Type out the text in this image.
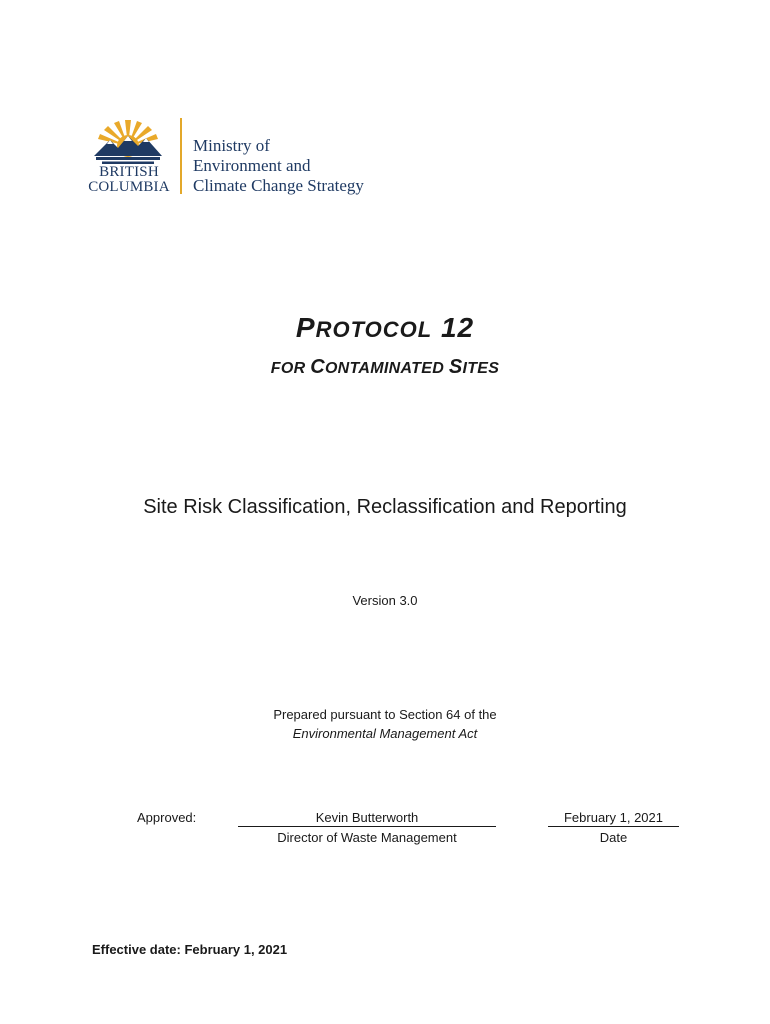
BRITISH
COLUMBIA
Ministry of
Environment and
Climate Change Strategy
PROTOCOL 12
FOR CONTAMINATED SITES
Site Risk Classification, Reclassification and Reporting
Version 3.0
Prepared pursuant to Section 64 of the
Environmental Management Act
Approved:	Kevin Butterworth
Director of Waste Management
February 1, 2021
Date
Effective date: February 1, 2021
